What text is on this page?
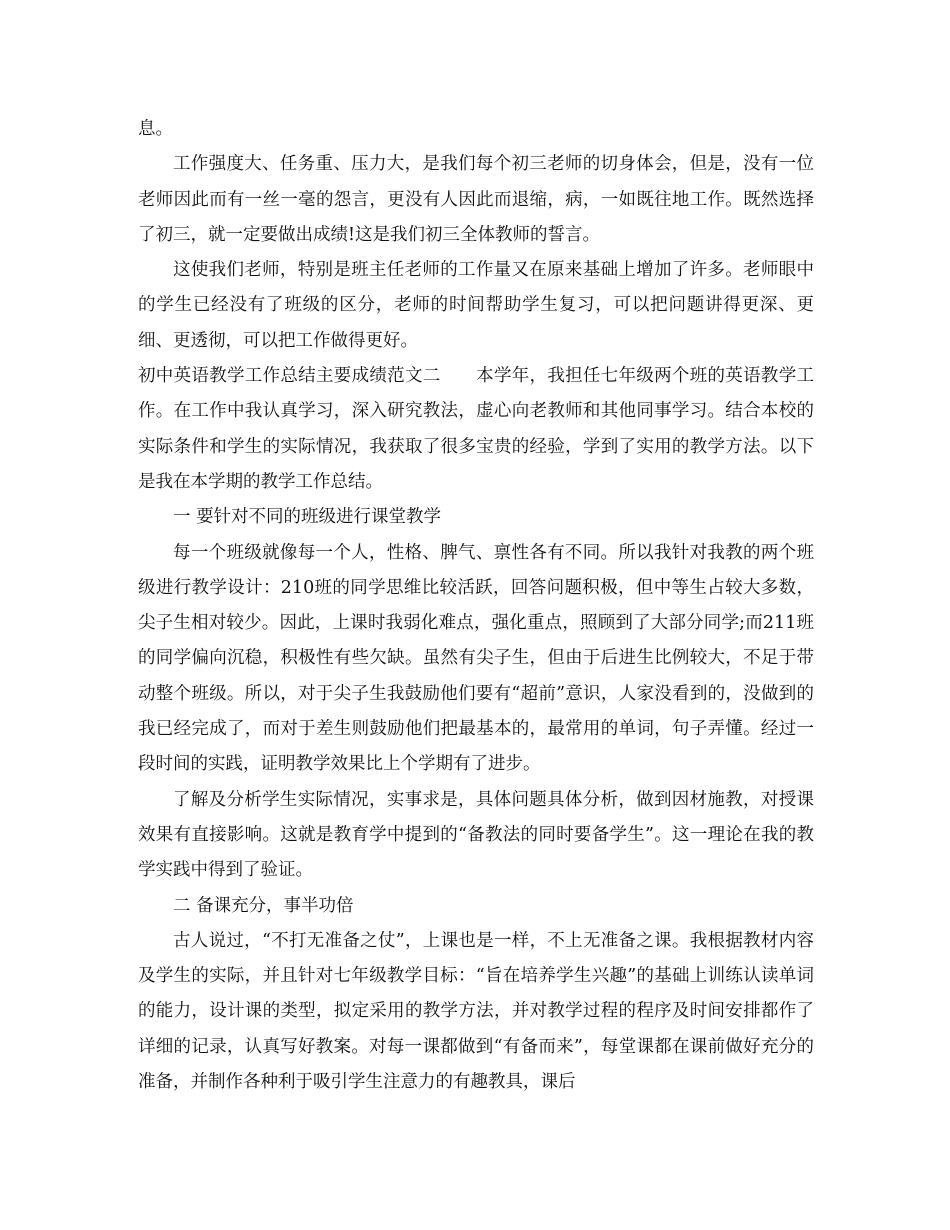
息。

工作强度大、任务重、压力大，是我们每个初三老师的切身体会，但是，没有一位老师因此而有一丝一毫的怨言，更没有人因此而退缩，病，一如既往地工作。既然选择了初三，就一定要做出成绩!这是我们初三全体教师的誓言。

这使我们老师，特别是班主任老师的工作量又在原来基础上增加了许多。老师眼中的学生已经没有了班级的区分，老师的时间帮助学生复习，可以把问题讲得更深、更细、更透彻，可以把工作做得更好。

初中英语教学工作总结主要成绩范文二　　本学年，我担任七年级两个班的英语教学工作。在工作中我认真学习，深入研究教法，虚心向老教师和其他同事学习。结合本校的实际条件和学生的实际情况，我获取了很多宝贵的经验，学到了实用的教学方法。以下是我在本学期的教学工作总结。

一 要针对不同的班级进行课堂教学

每一个班级就像每一个人，性格、脾气、禀性各有不同。所以我针对我教的两个班级进行教学设计：210班的同学思维比较活跃，回答问题积极，但中等生占较大多数，尖子生相对较少。因此，上课时我弱化难点，强化重点，照顾到了大部分同学;而211班的同学偏向沉稳，积极性有些欠缺。虽然有尖子生，但由于后进生比例较大，不足于带动整个班级。所以，对于尖子生我鼓励他们要有“超前”意识，人家没看到的，没做到的我已经完成了，而对于差生则鼓励他们把最基本的，最常用的单词，句子弄懂。经过一段时间的实践，证明教学效果比上个学期有了进步。

了解及分析学生实际情况，实事求是，具体问题具体分析，做到因材施教，对授课效果有直接影响。这就是教育学中提到的“备教法的同时要备学生”。这一理论在我的教学实践中得到了验证。

二 备课充分，事半功倍

古人说过，“不打无准备之仗”，上课也是一样，不上无准备之课。我根据教材内容及学生的实际，并且针对七年级教学目标：“旨在培养学生兴趣”的基础上训练认读单词的能力，设计课的类型，拟定采用的教学方法，并对教学过程的程序及时间安排都作了详细的记录，认真写好教案。对每一课都做到“有备而来”，每堂课都在课前做好充分的准备，并制作各种利于吸引学生注意力的有趣教具，课后
